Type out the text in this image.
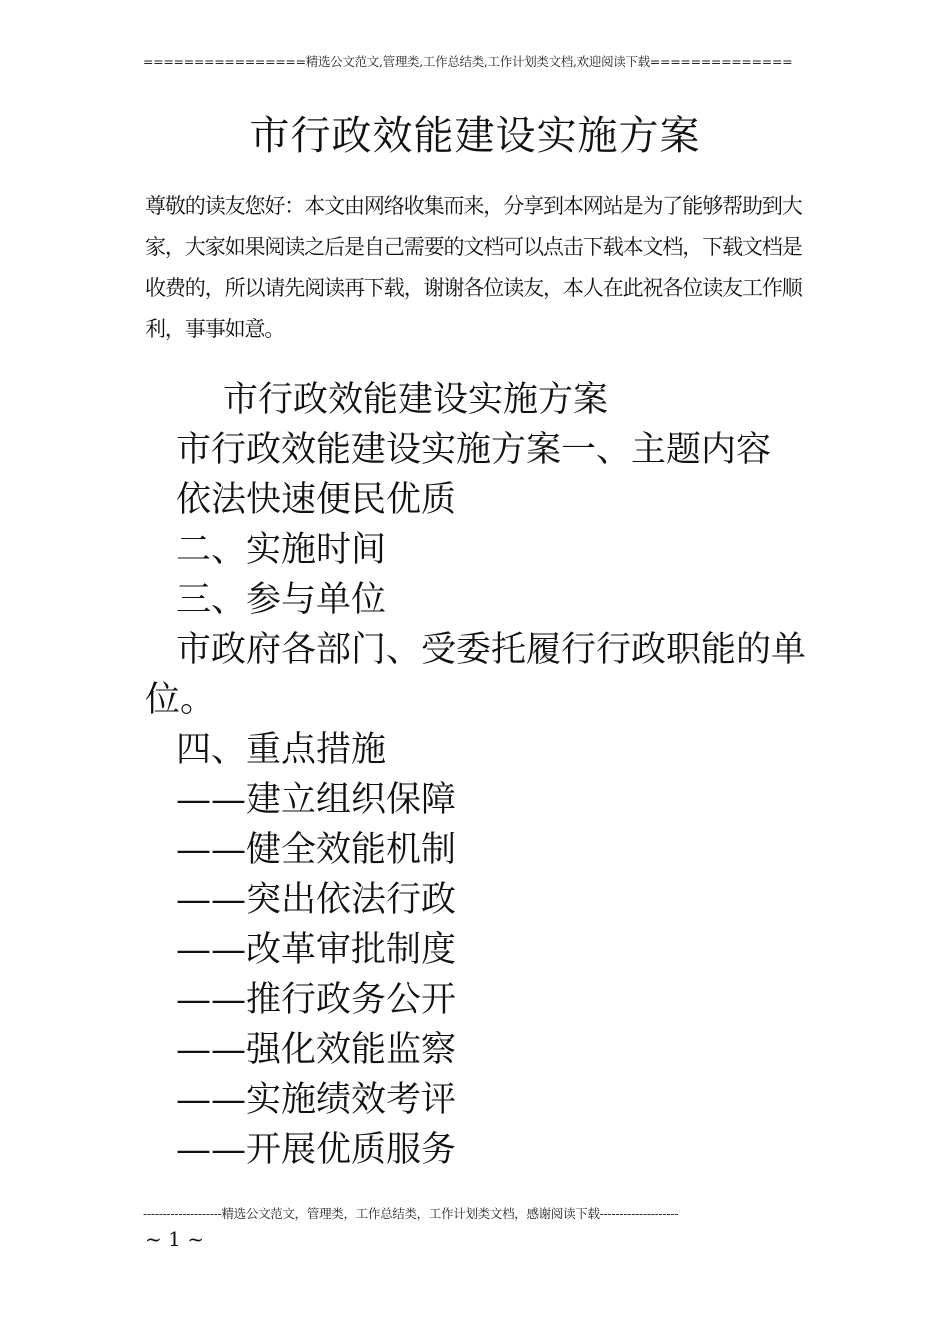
================精选公文范文,管理类,工作总结类,工作计划类文档,欢迎阅读下载==============
市行政效能建设实施方案
尊敬的读友您好：本文由网络收集而来，分享到本网站是为了能够帮助到大家，大家如果阅读之后是自己需要的文档可以点击下载本文档，下载文档是收费的，所以请先阅读再下载，谢谢各位读友，本人在此祝各位读友工作顺利，事事如意。
市行政效能建设实施方案
市行政效能建设实施方案一、主题内容
依法快速便民优质
二、实施时间
三、参与单位
市政府各部门、受委托履行行政职能的单位。
四、重点措施
——建立组织保障
——健全效能机制
——突出依法行政
——改革审批制度
——推行政务公开
——强化效能监察
——实施绩效考评
——开展优质服务
--------------------精选公文范文，管理类，工作总结类，工作计划类文档，感谢阅读下载--------------------
~ 1 ~
